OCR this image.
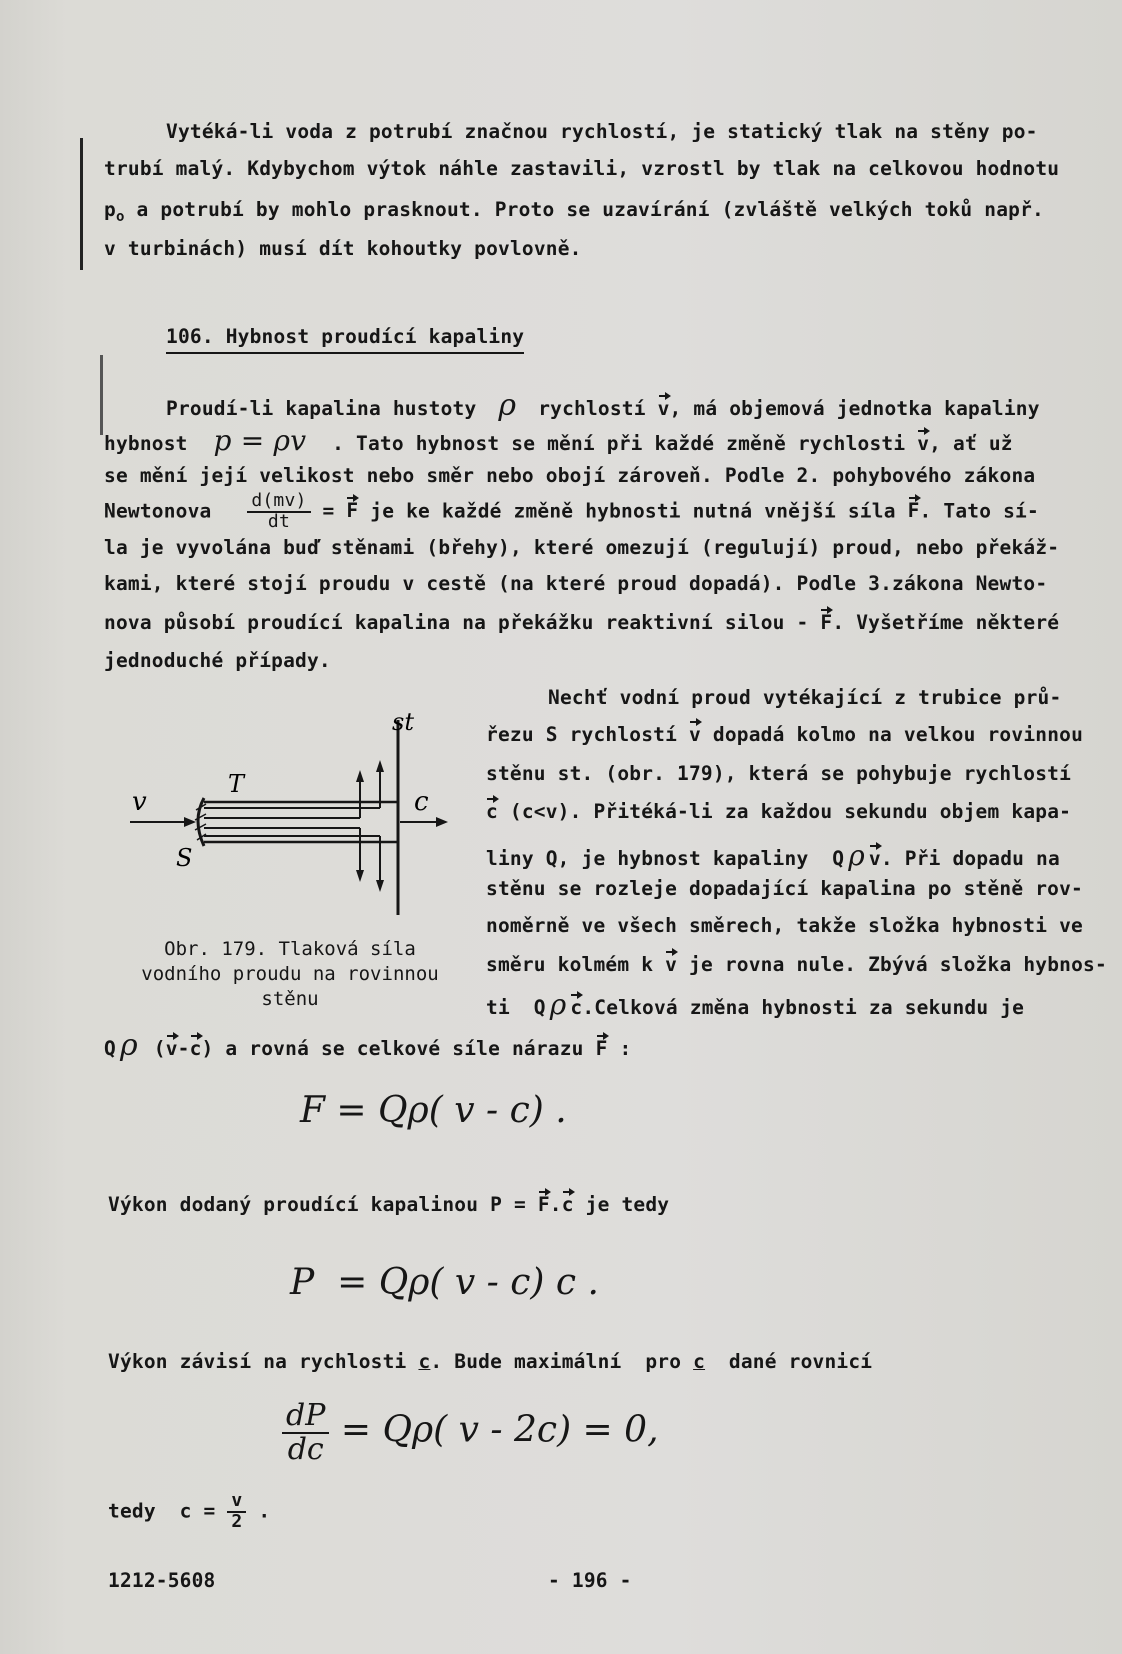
Vytéká-li voda z potrubí značnou rychlostí, je statický tlak na stěny po-
trubí malý. Kdybychom výtok náhle zastavili, vzrostl by tlak na celkovou hodnotu
$p_o$ a potrubí by mohlo prasknout. Proto se uzavírání (zvláště velkých toků např.
v turbinách) musí dít kohoutky povlovně.
106. Hybnost proudící kapaliny
Proudí-li kapalina hustoty ρ rychlostí v, má objemová jednotka kapaliny
hybnost p = ρv . Tato hybnost se mění při každé změně rychlosti v, ať už
se mění její velikost nebo směr nebo obojí zároveň. Podle 2. pohybového zákona
Newtonova $\frac{d(mv)}{dt} = F$ je ke každé změně hybnosti nutná vnější síla F. Tato sí-
la je vyvolána buď stěnami (břehy), které omezují (regulují) proud, nebo překáž-
kami, které stojí proudu v cestě (na které proud dopadá). Podle 3.zákona Newto-
nova působí proudící kapalina na překážku reaktivní silou - F. Vyšetříme některé
jednoduché případy.
v	c
T
S
st
Obr. 179. Tlaková síla
vodního proudu na rovinnou
stěnu
Nechť vodní proud vytékající z trubice prů-
řezu S rychlostí v dopadá kolmo na velkou rovinnou
stěnu st. (obr. 179), která se pohybuje rychlostí
c (c<v). Přitéká-li za každou sekundu objem kapa-
liny Q, je hybnost kapaliny  Q ρ v. Při dopadu na
stěnu se rozleje dopadající kapalina po stěně rov-
noměrně ve všech směrech, takže složka hybnosti ve
směru kolmém k v je rovna nule. Zbývá složka hybnos-
ti  Q ρ c.Celková změna hybnosti za sekundu je
Q ρ (v-c) a rovná se celkové síle nárazu F :
F = Qρ( v - c) .
Výkon dodaný proudící kapalinou P = F.c je tedy
P  = Qρ( v - c) c .
Výkon závisí na rychlosti c. Bude maximální  pro c  dané rovnicí
$\frac{dP}{dc} = Q\rho$( v - 2c) = 0,
tedy  $c = \frac{v}{2}$ .
1212-5608	- 196 -
